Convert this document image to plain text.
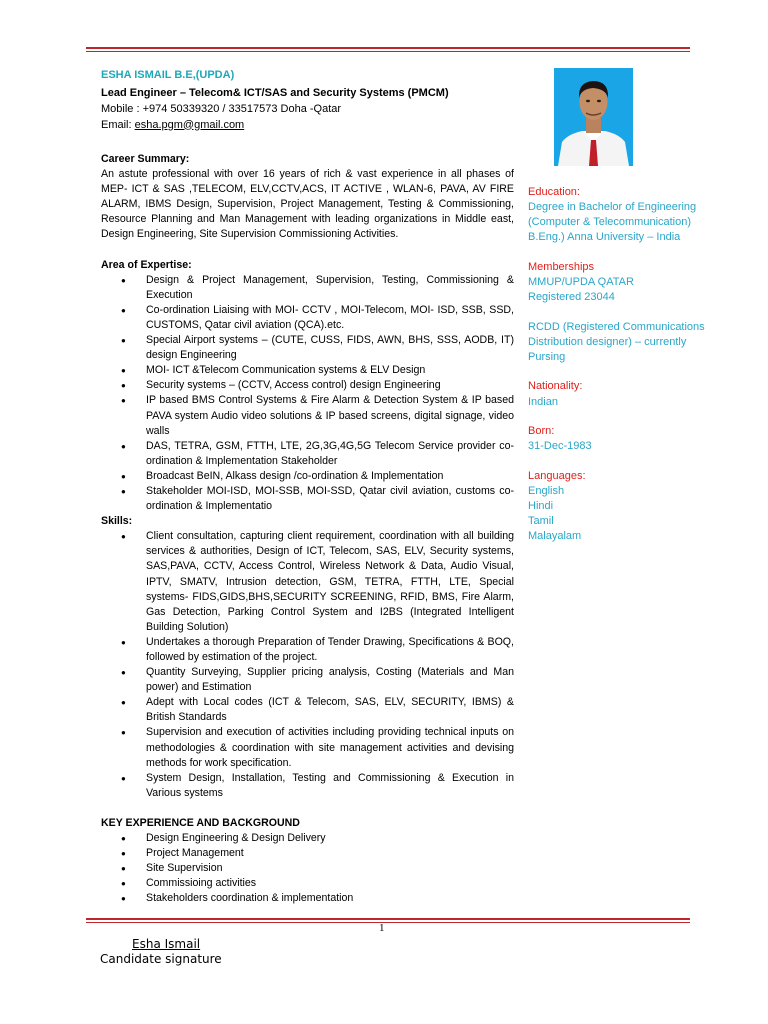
ESHA ISMAIL B.E,(UPDA)
Lead Engineer – Telecom& ICT/SAS and Security Systems (PMCM)
Mobile : +974 50339320 / 33517573 Doha -Qatar
Email: esha.pgm@gmail.com
Career Summary:
An astute professional with over 16 years of rich & vast experience in all phases of MEP- ICT & SAS ,TELECOM, ELV,CCTV,ACS, IT ACTIVE , WLAN-6, PAVA, AV FIRE ALARM, IBMS Design, Supervision, Project Management, Testing & Commissioning, Resource Planning and Man Management with leading organizations in Middle east, Design Engineering, Site Supervision Commissioning Activities.
Area of Expertise:
● Design & Project Management, Supervision, Testing, Commissioning & Execution
● Co-ordination Liaising with MOI- CCTV , MOI-Telecom, MOI- ISD, SSB, SSD, CUSTOMS, Qatar civil aviation (QCA).etc.
● Special Airport systems – (CUTE, CUSS, FIDS, AWN, BHS, SSS, AODB, IT) design Engineering
● MOI- ICT &Telecom Communication systems & ELV Design
● Security systems – (CCTV, Access control) design Engineering
● IP based BMS Control Systems & Fire Alarm & Detection System & IP based PAVA system Audio video solutions & IP based screens, digital signage, video walls
● DAS, TETRA, GSM, FTTH, LTE, 2G,3G,4G,5G Telecom Service provider co-ordination & Implementation Stakeholder
● Broadcast BeIN, Alkass design /co-ordination & Implementation
● Stakeholder MOI-ISD, MOI-SSB, MOI-SSD, Qatar civil aviation, customs co-ordination & Implementatio
Skills:
● Client consultation, capturing client requirement, coordination with all building services & authorities, Design of ICT, Telecom, SAS, ELV, Security systems, SAS,PAVA, CCTV, Access Control, Wireless Network & Data, Audio Visual, IPTV, SMATV, Intrusion detection, GSM, TETRA, FTTH, LTE, Special systems- FIDS,GIDS,BHS,SECURITY SCREENING, RFID, BMS, Fire Alarm, Gas Detection, Parking Control System and I2BS (Integrated Intelligent Building Solution)
● Undertakes a thorough Preparation of Tender Drawing, Specifications & BOQ, followed by estimation of the project.
● Quantity Surveying, Supplier pricing analysis, Costing (Materials and Man power) and Estimation
● Adept with Local codes (ICT & Telecom, SAS, ELV, SECURITY, IBMS) & British Standards
● Supervision and execution of activities including providing technical inputs on methodologies & coordination with site management activities and devising methods for work specification.
● System Design, Installation, Testing and Commissioning & Execution in Various systems
KEY EXPERIENCE AND BACKGROUND
● Design Engineering & Design Delivery
● Project Management
● Site Supervision
● Commissioing activities
● Stakeholders coordination & implementation
Education:
Degree in Bachelor of Engineering
(Computer & Telecommunication)
B.Eng.) Anna University – India
Memberships
MMUP/UPDA QATAR
Registered 23044
RCDD (Registered Communications
Distribution designer) – currently
Pursing
Nationality:
Indian
Born:
31-Dec-1983
Languages:
English
Hindi
Tamil
Malayalam
1
Esha Ismail
Candidate signature
